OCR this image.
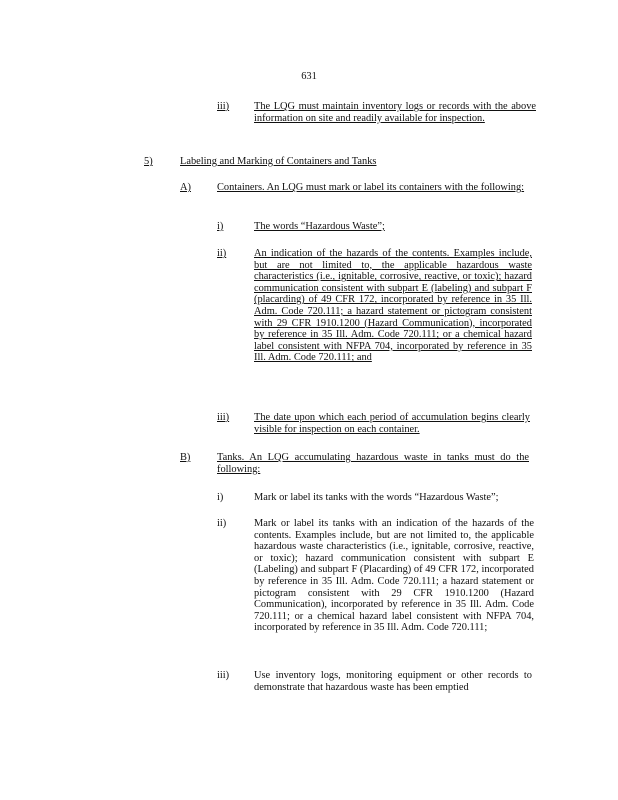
631
iii) The LQG must maintain inventory logs or records with the above information on site and readily available for inspection.
5)	Labeling and Marking of Containers and Tanks
A)	Containers. An LQG must mark or label its containers with the following:
i)	The words “Hazardous Waste”;
ii)	An indication of the hazards of the contents. Examples include, but are not limited to, the applicable hazardous waste characteristics (i.e., ignitable, corrosive, reactive, or toxic); hazard communication consistent with subpart E (labeling) and subpart F (placarding) of 49 CFR 172, incorporated by reference in 35 Ill. Adm. Code 720.111; a hazard statement or pictogram consistent with 29 CFR 1910.1200 (Hazard Communication), incorporated by reference in 35 Ill. Adm. Code 720.111; or a chemical hazard label consistent with NFPA 704, incorporated by reference in 35 Ill. Adm. Code 720.111; and
iii) The date upon which each period of accumulation begins clearly visible for inspection on each container.
B)	Tanks. An LQG accumulating hazardous waste in tanks must do the following:
i)	Mark or label its tanks with the words “Hazardous Waste”;
ii)	Mark or label its tanks with an indication of the hazards of the contents. Examples include, but are not limited to, the applicable hazardous waste characteristics (i.e., ignitable, corrosive, reactive, or toxic); hazard communication consistent with subpart E (Labeling) and subpart F (Placarding) of 49 CFR 172, incorporated by reference in 35 Ill. Adm. Code 720.111; a hazard statement or pictogram consistent with 29 CFR 1910.1200 (Hazard Communication), incorporated by reference in 35 Ill. Adm. Code 720.111; or a chemical hazard label consistent with NFPA 704, incorporated by reference in 35 Ill. Adm. Code 720.111;
iii) Use inventory logs, monitoring equipment or other records to demonstrate that hazardous waste has been emptied
